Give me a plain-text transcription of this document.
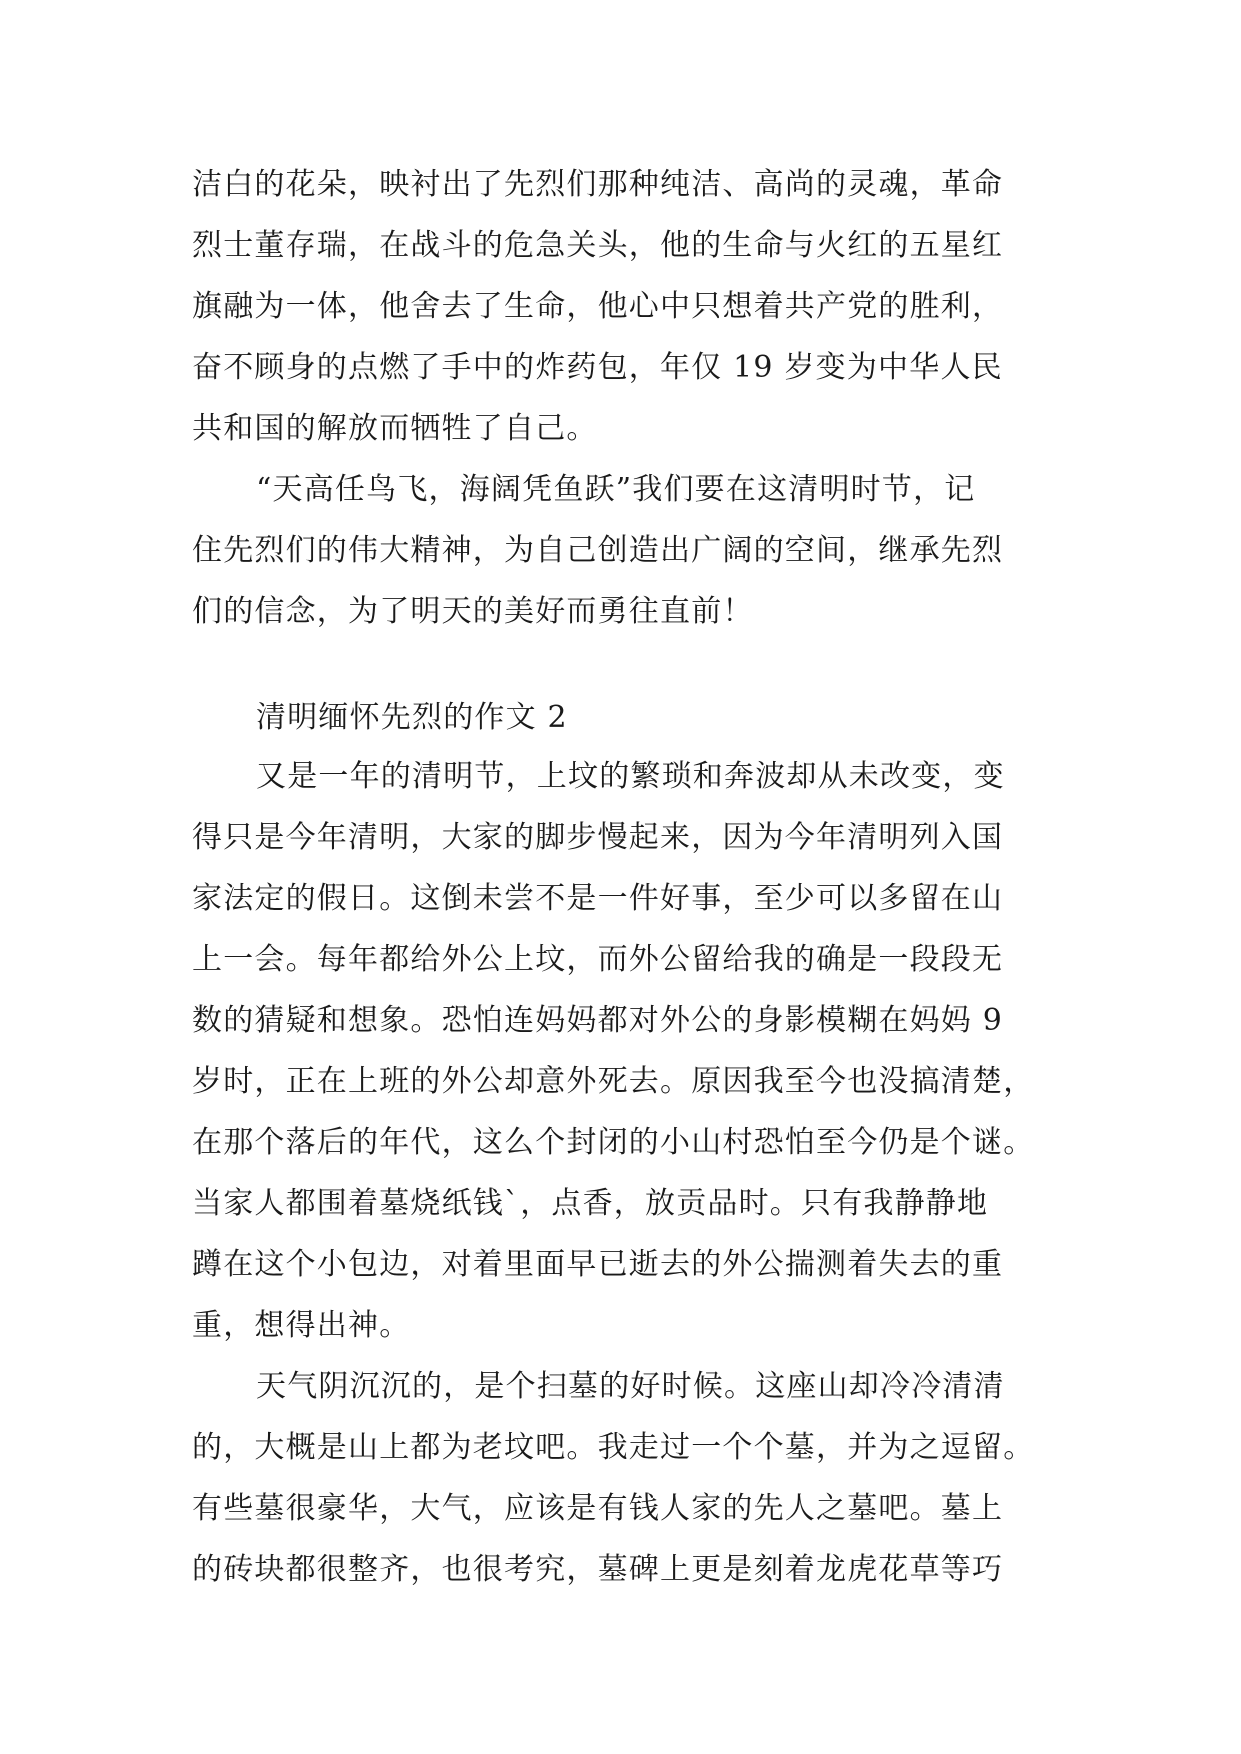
洁白的花朵，映衬出了先烈们那种纯洁、高尚的灵魂，革命
烈士董存瑞，在战斗的危急关头，他的生命与火红的五星红
旗融为一体，他舍去了生命，他心中只想着共产党的胜利，
奋不顾身的点燃了手中的炸药包，年仅 19 岁变为中华人民
共和国的解放而牺牲了自己。
“天高任鸟飞，海阔凭鱼跃”我们要在这清明时节，记
住先烈们的伟大精神，为自己创造出广阔的空间，继承先烈
们的信念，为了明天的美好而勇往直前！
清明缅怀先烈的作文 2
又是一年的清明节，上坟的繁琐和奔波却从未改变，变
得只是今年清明，大家的脚步慢起来，因为今年清明列入国
家法定的假日。这倒未尝不是一件好事，至少可以多留在山
上一会。每年都给外公上坟，而外公留给我的确是一段段无
数的猜疑和想象。恐怕连妈妈都对外公的身影模糊在妈妈 9
岁时，正在上班的外公却意外死去。原因我至今也没搞清楚，
在那个落后的年代，这么个封闭的小山村恐怕至今仍是个谜。
当家人都围着墓烧纸钱`，点香，放贡品时。只有我静静地
蹲在这个小包边，对着里面早已逝去的外公揣测着失去的重
重，想得出神。
天气阴沉沉的，是个扫墓的好时候。这座山却冷冷清清
的，大概是山上都为老坟吧。我走过一个个墓，并为之逗留。
有些墓很豪华，大气，应该是有钱人家的先人之墓吧。墓上
的砖块都很整齐，也很考究，墓碑上更是刻着龙虎花草等巧
